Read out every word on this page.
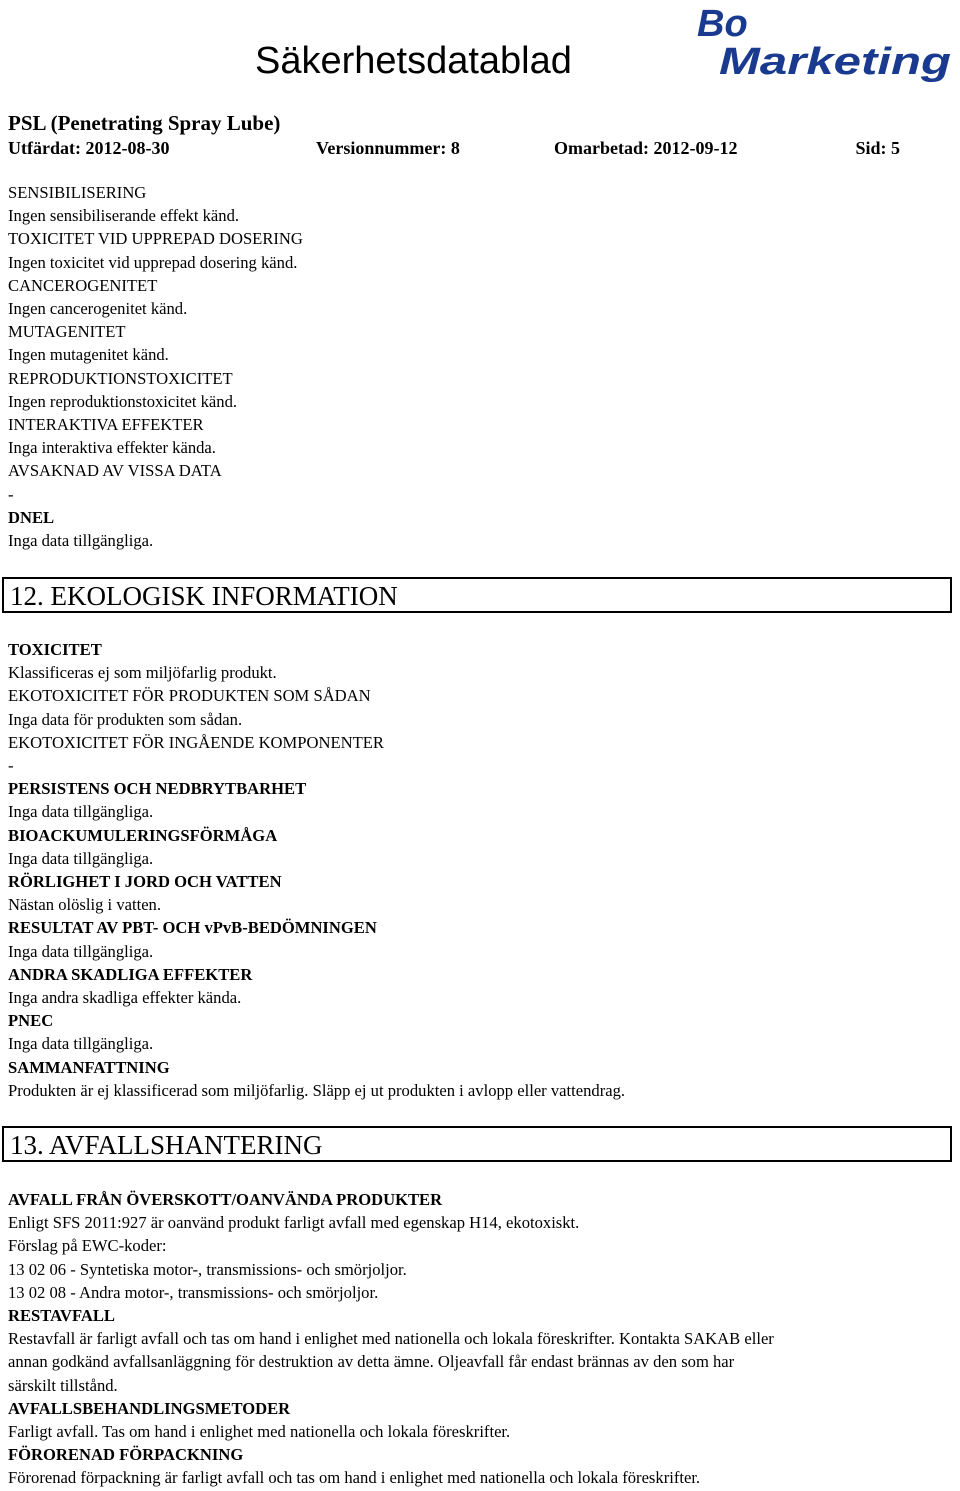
Säkerhetsdatablad
Bo
Marketing
PSL (Penetrating Spray Lube)
Utfärdat: 2012-08-30	Versionnummer: 8	Omarbetad: 2012-09-12	Sid: 5
SENSIBILISERING
Ingen sensibiliserande effekt känd.
TOXICITET VID UPPREPAD DOSERING
Ingen toxicitet vid upprepad dosering känd.
CANCEROGENITET
Ingen cancerogenitet känd.
MUTAGENITET
Ingen mutagenitet känd.
REPRODUKTIONSTOXICITET
Ingen reproduktionstoxicitet känd.
INTERAKTIVA EFFEKTER
Inga interaktiva effekter kända.
AVSAKNAD AV VISSA DATA
-
DNEL
Inga data tillgängliga.
12. EKOLOGISK INFORMATION
TOXICITET
Klassificeras ej som miljöfarlig produkt.
EKOTOXICITET FÖR PRODUKTEN SOM SÅDAN
Inga data för produkten som sådan.
EKOTOXICITET FÖR INGÅENDE KOMPONENTER
-
PERSISTENS OCH NEDBRYTBARHET
Inga data tillgängliga.
BIOACKUMULERINGSFÖRMÅGA
Inga data tillgängliga.
RÖRLIGHET I JORD OCH VATTEN
Nästan olöslig i vatten.
RESULTAT AV PBT- OCH vPvB-BEDÖMNINGEN
Inga data tillgängliga.
ANDRA SKADLIGA EFFEKTER
Inga andra skadliga effekter kända.
PNEC
Inga data tillgängliga.
SAMMANFATTNING
Produkten är ej klassificerad som miljöfarlig. Släpp ej ut produkten i avlopp eller vattendrag.
13. AVFALLSHANTERING
AVFALL FRÅN ÖVERSKOTT/OANVÄNDA PRODUKTER
Enligt SFS 2011:927 är oanvänd produkt farligt avfall med egenskap H14, ekotoxiskt.
Förslag på EWC-koder:
13 02 06 - Syntetiska motor-, transmissions- och smörjoljor.
13 02 08 - Andra motor-, transmissions- och smörjoljor.
RESTAVFALL
Restavfall är farligt avfall och tas om hand i enlighet med nationella och lokala föreskrifter. Kontakta SAKAB eller
annan godkänd avfallsanläggning för destruktion av detta ämne. Oljeavfall får endast brännas av den som har
särskilt tillstånd.
AVFALLSBEHANDLINGSMETODER
Farligt avfall. Tas om hand i enlighet med nationella och lokala föreskrifter.
FÖRORENAD FÖRPACKNING
Förorenad förpackning är farligt avfall och tas om hand i enlighet med nationella och lokala föreskrifter.
